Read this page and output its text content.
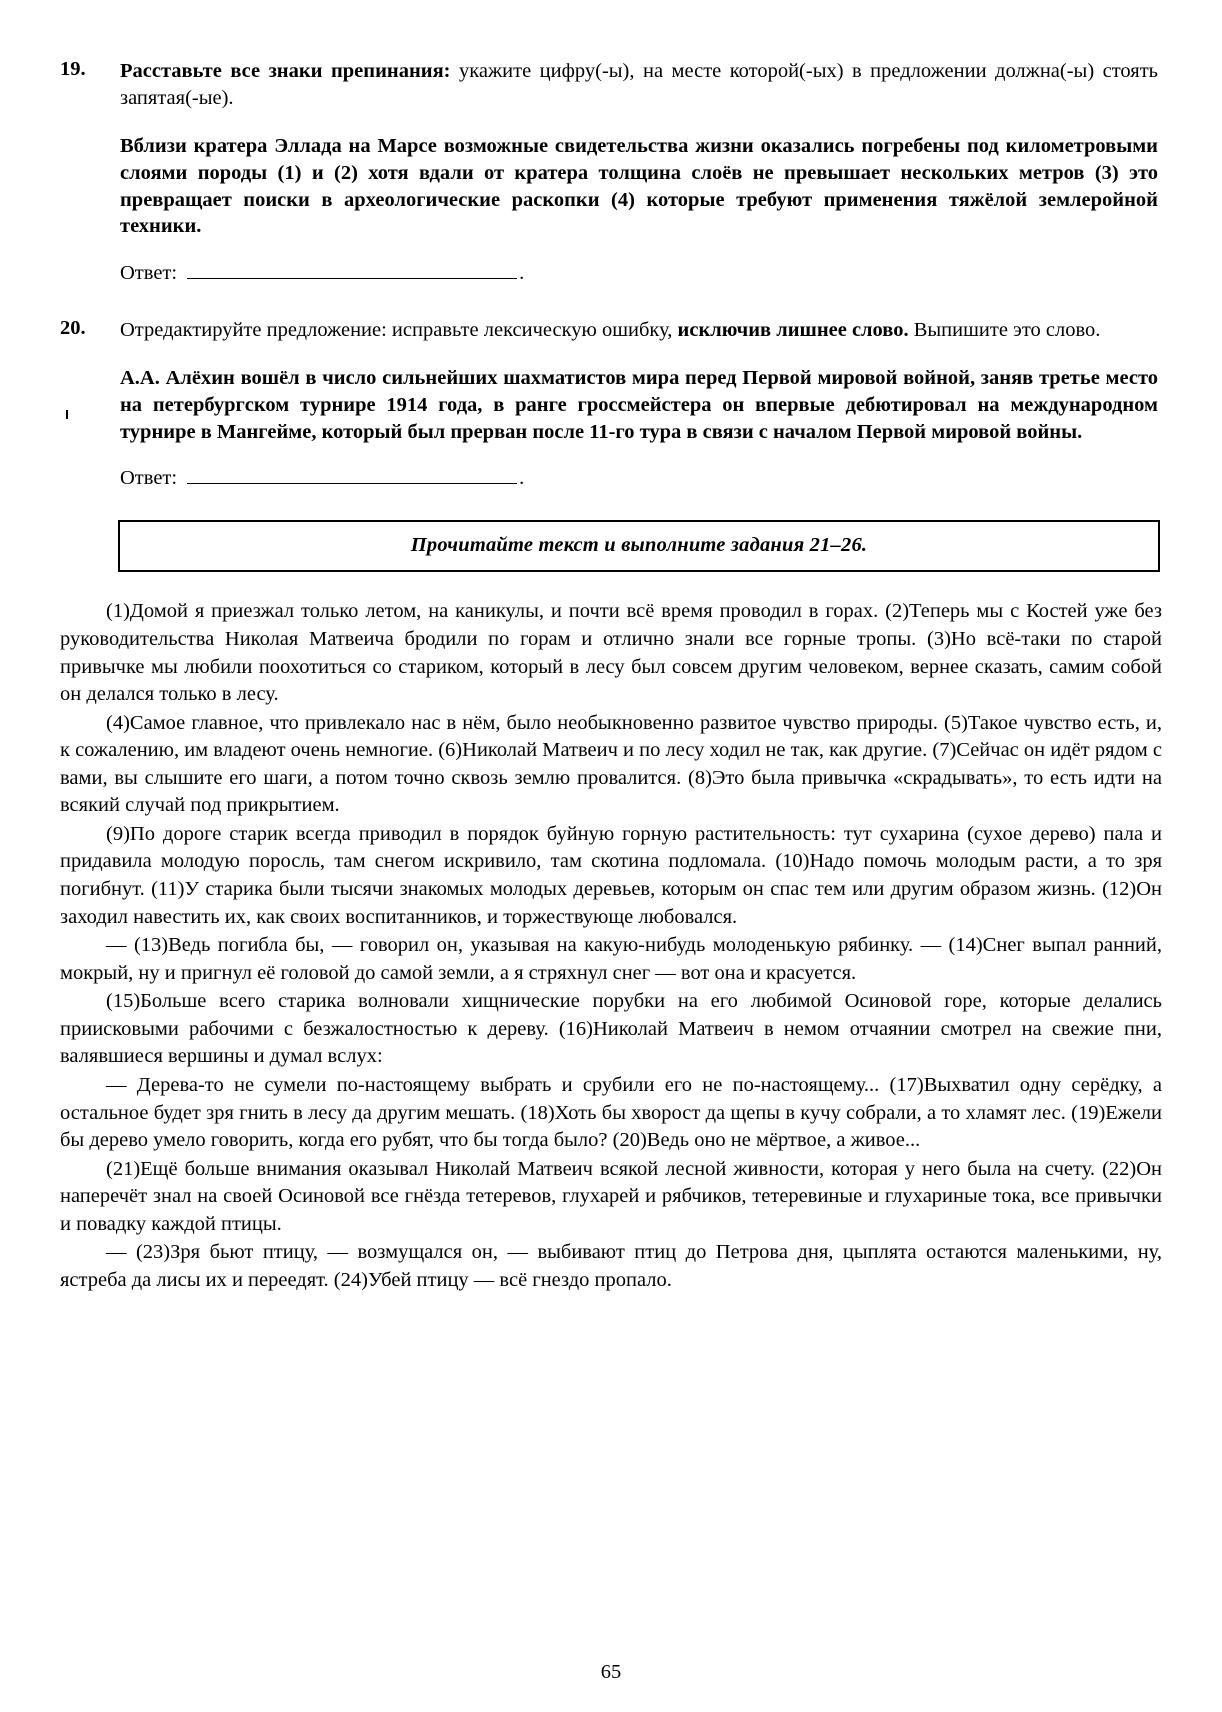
19.	Расставьте все знаки препинания: укажите цифру(-ы), на месте которой(-ых) в предложении должна(-ы) стоять запятая(-ые).
Вблизи кратера Эллада на Марсе возможные свидетельства жизни оказались погребены под километровыми слоями породы (1) и (2) хотя вдали от кратера толщина слоёв не превышает нескольких метров (3) это превращает поиски в археологические раскопки (4) которые требуют применения тяжёлой землеройной техники.
Ответ:	.
20.	Отредактируйте предложение: исправьте лексическую ошибку, исключив лишнее слово. Выпишите это слово.
А.А. Алёхин вошёл в число сильнейших шахматистов мира перед Первой мировой войной, заняв третье место на петербургском турнире 1914 года, в ранге гроссмейстера он впервые дебютировал на международном турнире в Мангейме, который был прерван после 11-го тура в связи с началом Первой мировой войны.
Ответ:	.
Прочитайте текст и выполните задания 21–26.

(1)Домой я приезжал только летом, на каникулы, и почти всё время проводил в горах. (2)Теперь мы с Костей уже без руководительства Николая Матвеича бродили по горам и отлично знали все горные тропы. (3)Но всё-таки по старой привычке мы любили поохотиться со стариком, который в лесу был совсем другим человеком, вернее сказать, самим собой он делался только в лесу.

(4)Самое главное, что привлекало нас в нём, было необыкновенно развитое чувство природы. (5)Такое чувство есть, и, к сожалению, им владеют очень немногие. (6)Николай Матвеич и по лесу ходил не так, как другие. (7)Сейчас он идёт рядом с вами, вы слышите его шаги, а потом точно сквозь землю провалится. (8)Это была привычка «скрадывать», то есть идти на всякий случай под прикрытием.

(9)По дороге старик всегда приводил в порядок буйную горную растительность: тут сухарина (сухое дерево) пала и придавила молодую поросль, там снегом искривило, там скотина подломала. (10)Надо помочь молодым расти, а то зря погибнут. (11)У старика были тысячи знакомых молодых деревьев, которым он спас тем или другим образом жизнь. (12)Он заходил навестить их, как своих воспитанников, и торжествующе любовался.

— (13)Ведь погибла бы, — говорил он, указывая на какую-нибудь молоденькую рябинку. — (14)Снег выпал ранний, мокрый, ну и пригнул её головой до самой земли, а я стряхнул снег — вот она и красуется.

(15)Больше всего старика волновали хищнические порубки на его любимой Осиновой горе, которые делались приисковыми рабочими с безжалостностью к дереву. (16)Николай Матвеич в немом отчаянии смотрел на свежие пни, валявшиеся вершины и думал вслух:

— Дерева-то не сумели по-настоящему выбрать и срубили его не по-настоящему... (17)Выхватил одну серёдку, а остальное будет зря гнить в лесу да другим мешать. (18)Хоть бы хворост да щепы в кучу собрали, а то хламят лес. (19)Ежели бы дерево умело говорить, когда его рубят, что бы тогда было? (20)Ведь оно не мёртвое, а живое...

(21)Ещё больше внимания оказывал Николай Матвеич всякой лесной живности, которая у него была на счету. (22)Он наперечёт знал на своей Осиновой все гнёзда тетеревов, глухарей и рябчиков, тетеревиные и глухариные тока, все привычки и повадку каждой птицы.

— (23)Зря бьют птицу, — возмущался он, — выбивают птиц до Петрова дня, цыплята остаются маленькими, ну, ястреба да лисы их и переедят. (24)Убей птицу — всё гнездо пропало.

65
